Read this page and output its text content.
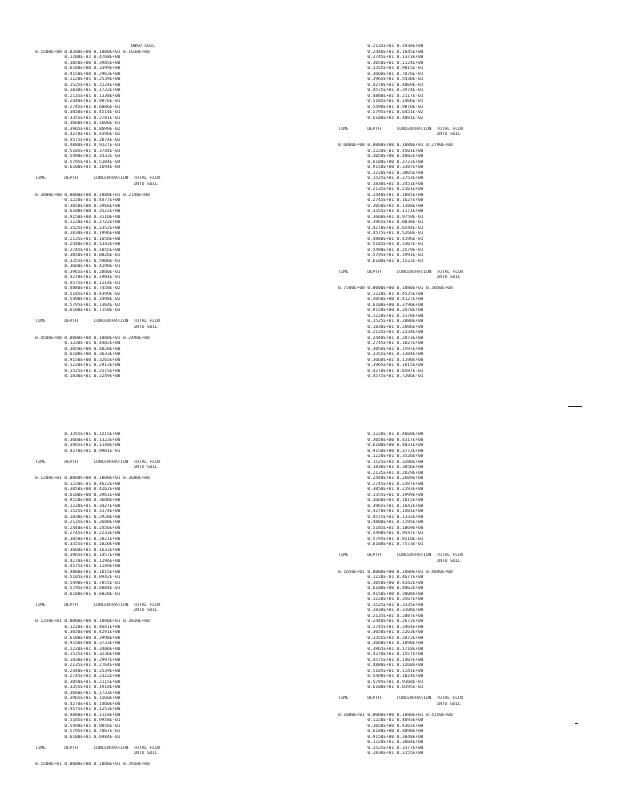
DWSO SOIL
0.1500E+00 0.0200E+00 0.1880E+01 0.1630E+00
0.1200E-02 0.4760E+00
0.3050E+00 0.3985E+00
0.6100E+00 0.3399E+00
0.9150E+00 0.2963E+00
0.1220E+01 0.2539E+00
0.1525E+01 0.2124E+00
0.1830E+01 0.1722E+00
0.2135E+01 0.1338E+00
0.2440E+01 0.9876E-01
0.2745E+01 0.6886E-01
0.3050E+01 0.4514E-01
0.3355E+01 0.2781E-01
0.3660E+01 0.1608E-01
0.3965E+01 0.8699E-02
0.4270E+01 0.4396E-02
0.4575E+01 0.2074E-02
0.4880E+01 0.9127E-03
0.5185E+01 0.3744E-03
0.5490E+01 0.1432E-03
0.5795E+01 0.5104E-04
0.6100E+01 0.1694E-04
TIME       DEPTH      CONCENTRATION  TOTAL FLUX
INTO SOIL
0.3000E+00 0.0000E+00 0.1880E+01 0.2140E+00
0.1220E-01 0.4477E+00
0.3050E+00 0.3966E+00
0.6100E+00 0.3522E+00
0.9150E+00 0.3110E+00
0.1220E+01 0.2722E+00
0.1525E+01 0.2352E+00
0.1830E+01 0.1996E+00
0.2135E+01 0.1658E+00
0.2440E+01 0.1342E+00
0.2745E+01 0.1055E+00
0.3050E+01 0.8026E-01
0.3355E+01 0.5908E-01
0.3660E+01 0.4198E-01
0.3965E+01 0.2880E-01
0.4270E+01 0.1904E-01
0.4575E+01 0.1214E-01
0.4880E+01 0.7450E-02
0.5185E+01 0.4399E-02
0.5490E+01 0.2498E-02
0.5795E+01 0.1364E-02
0.6100E+01 0.7150E-03
TIME       DEPTH      CONCENTRATION  TOTAL FLUX
INTO SOIL
0.4500E+00 0.0000E+00 0.1880E+01 0.2490E+00
0.1220E-01 0.4482E+00
0.3050E+00 0.4028E+00
0.6100E+00 0.3633E+00
0.9150E+00 0.3265E+00
0.1220E+01 0.2913E+00
0.1525E+01 0.2575E+00
0.1830E+01 0.2249E+00
0.2135E+01 0.1938E+00
0.2440E+01 0.1645E+00
0.2745E+01 0.1373E+00
0.3050E+01 0.1124E+00
0.3355E+01 0.9015E-01
0.3660E+01 0.7076E-01
0.3965E+01 0.5430E-01
0.4270E+01 0.4069E-01
0.4575E+01 0.2974E-01
0.4880E+01 0.2117E-01
0.5185E+01 0.1466E-01
0.5490E+01 0.9870E-02
0.5795E+01 0.6451E-02
0.6100E+01 0.4091E-02
TIME       DEPTH      CONCENTRATION  TOTAL FLUX
INTO SOIL
0.6000E+00 0.0000E+00 0.1880E+01 0.2790E+00
0.1220E-01 0.4501E+00
0.3050E+00 0.4082E+00
0.6100E+00 0.3722E+00
0.9150E+00 0.3387E+00
0.1220E+01 0.3065E+00
0.1525E+01 0.2753E+00
0.1830E+01 0.2451E+00
0.2135E+01 0.2161E+00
0.2440E+01 0.1885E+00
0.2745E+01 0.1627E+00
0.3050E+01 0.1388E+00
0.3355E+01 0.1171E+00
0.3660E+01 0.9759E-01
0.3965E+01 0.8038E-01
0.4270E+01 0.6544E-01
0.4575E+01 0.5268E-01
0.4880E+01 0.4196E-01
0.5185E+01 0.3307E-01
0.5490E+01 0.2579E-01
0.5795E+01 0.1991E-01
0.6100E+01 0.1522E-01
TIME       DEPTH      CONCENTRATION  TOTAL FLUX
INTO SOIL
0.7500E+00 0.0000E+00 0.1880E+01 0.3050E+00
0.1220E-01 0.4525E+00
0.3050E+00 0.4127E+00
0.6100E+00 0.3790E+00
0.9150E+00 0.3478E+00
0.1220E+01 0.3178E+00
0.1525E+01 0.2888E+00
0.1830E+01 0.2606E+00
0.2135E+01 0.2334E+00
0.2440E+01 0.2073E+00
0.2745E+01 0.1827E+00
0.3050E+01 0.1597E+00
0.3355E+01 0.1384E+00
0.3660E+01 0.1190E+00
0.3965E+01 0.1015E+00
0.4270E+01 0.8587E-01
0.4575E+01 0.7206E-01
0.3355E+01 0.1515E+00
0.3660E+01 0.1323E+00
0.3965E+01 0.1148E+00
0.4270E+01 0.9901E-01
TIME       DEPTH      CONCENTRATION  TOTAL FLUX
INTO SOIL
0.1200E+01 0.0000E+00 0.1880E+01 0.3680E+00
0.1220E-01 0.4622E+00
0.3050E+00 0.4262E+00
0.6100E+00 0.3961E+00
0.9150E+00 0.3688E+00
0.1220E+01 0.3427E+00
0.1525E+01 0.3174E+00
0.1830E+01 0.2928E+00
0.2135E+01 0.2688E+00
0.2440E+01 0.2456E+00
0.2745E+01 0.2233E+00
0.3050E+01 0.2021E+00
0.3355E+01 0.1820E+00
0.3660E+01 0.1632E+00
0.3965E+01 0.1457E+00
0.4270E+01 0.1296E+00
0.4575E+01 0.1149E+00
0.4880E+01 0.1015E+00
0.5185E+01 0.8942E-01
0.5490E+01 0.7855E-01
0.5795E+01 0.6884E-01
0.6100E+01 0.6020E-01
TIME       DEPTH      CONCENTRATION  TOTAL FLUX
INTO SOIL
0.1350E+01 0.0000E+00 0.1880E+01 0.3810E+00
0.1220E-01 0.4641E+00
0.3050E+00 0.4291E+00
0.6100E+00 0.3998E+00
0.9150E+00 0.3733E+00
0.1220E+01 0.3480E+00
0.1525E+01 0.3236E+00
0.1830E+01 0.2997E+00
0.2135E+01 0.2764E+00
0.2440E+01 0.2539E+00
0.2745E+01 0.2322E+00
0.3050E+01 0.2115E+00
0.3355E+01 0.1918E+00
0.3660E+01 0.1733E+00
0.3965E+01 0.1560E+00
0.4270E+01 0.1400E+00
0.4575E+01 0.1253E+00
0.4880E+01 0.1118E+00
0.5185E+01 0.9958E-01
0.5490E+01 0.8856E-01
0.5795E+01 0.7867E-01
0.6100E+01 0.6984E-01
TIME       DEPTH      CONCENTRATION  TOTAL FLUX
INTO SOIL
0.1500E+01 0.0000E+00 0.1880E+01 0.3930E+00
0.1220E-01 0.4660E+00
0.3050E+00 0.4317E+00
0.6100E+00 0.4031E+00
0.9150E+00 0.3772E+00
0.1220E+01 0.3526E+00
0.1525E+01 0.3288E+00
0.1830E+01 0.3056E+00
0.2135E+01 0.2829E+00
0.2440E+01 0.2609E+00
0.2745E+01 0.2397E+00
0.3050E+01 0.2193E+00
0.3355E+01 0.1999E+00
0.3660E+01 0.1815E+00
0.3965E+01 0.1642E+00
0.4270E+01 0.1481E+00
0.4575E+01 0.1332E+00
0.4880E+01 0.1195E+00
0.5185E+01 0.1069E+00
0.5490E+01 0.9547E-01
0.5795E+01 0.8510E-01
0.6100E+01 0.7573E-01
TIME       DEPTH      CONCENTRATION  TOTAL FLUX
INTO SOIL
0.1650E+01 0.0000E+00 0.1880E+01 0.4040E+00
0.1220E-01 0.4677E+00
0.3050E+00 0.4342E+00
0.6100E+00 0.4062E+00
0.9150E+00 0.3808E+00
0.1220E+01 0.3567E+00
0.1525E+01 0.3335E+00
0.1830E+01 0.3108E+00
0.2135E+01 0.2887E+00
0.2440E+01 0.2672E+00
0.2745E+01 0.2464E+00
0.3050E+01 0.2263E+00
0.3355E+01 0.2072E+00
0.3660E+01 0.1890E+00
0.3965E+01 0.1718E+00
0.4270E+01 0.1557E+00
0.4575E+01 0.1407E+00
0.4880E+01 0.1268E+00
0.5185E+01 0.1141E+00
0.5490E+01 0.1024E+00
0.5795E+01 0.9168E-01
0.6100E+01 0.8195E-01
TIME       DEPTH      CONCENTRATION  TOTAL FLUX
INTO SOIL
0.1800E+01 0.0000E+00 0.1880E+01 0.4150E+00
0.1220E-01 0.4693E+00
0.3050E+00 0.4365E+00
0.6100E+00 0.4090E+00
0.9150E+00 0.3840E+00
0.1220E+01 0.3604E+00
0.1525E+01 0.3377E+00
0.1830E+01 0.3155E+00
